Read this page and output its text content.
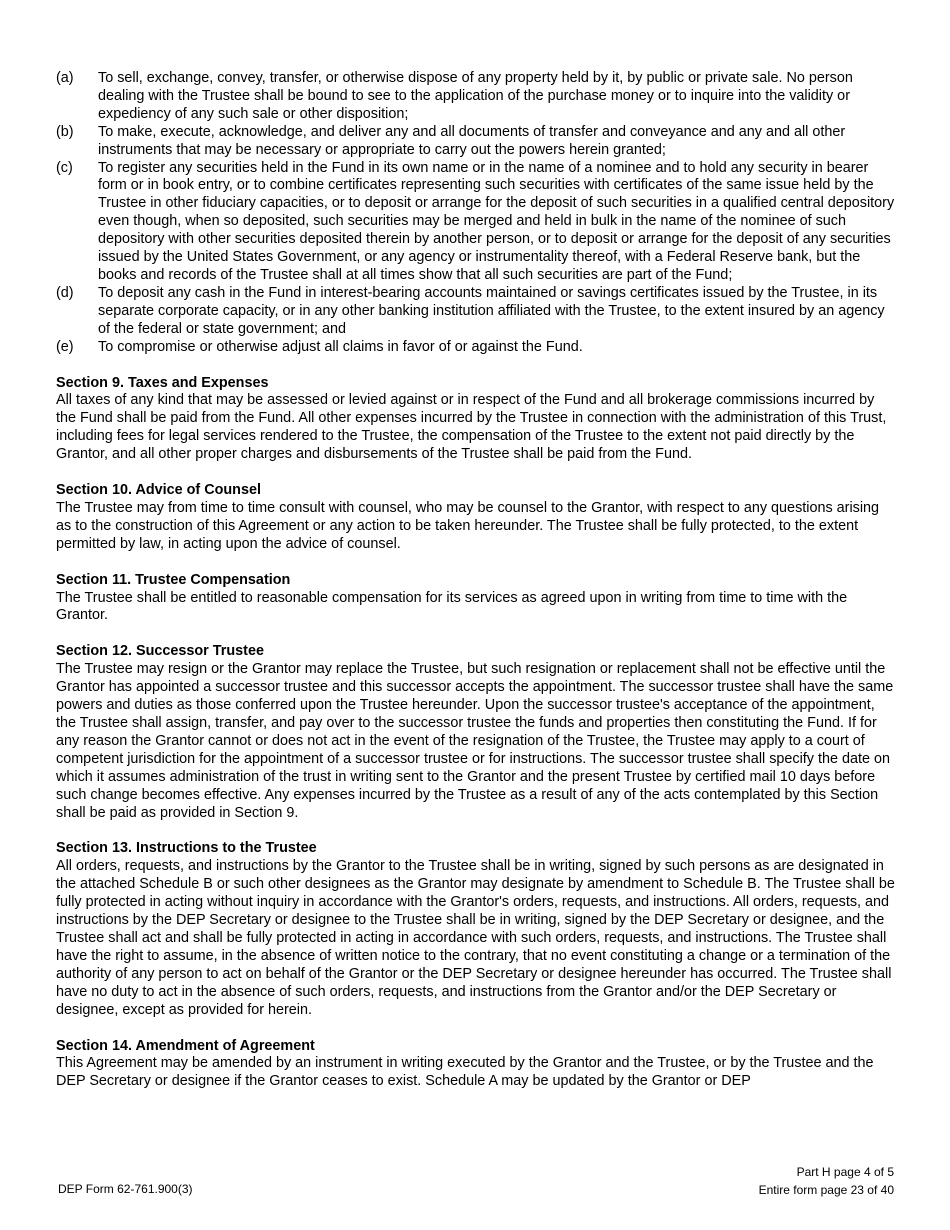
(a) To sell, exchange, convey, transfer, or otherwise dispose of any property held by it, by public or private sale. No person dealing with the Trustee shall be bound to see to the application of the purchase money or to inquire into the validity or expediency of any such sale or other disposition;
(b) To make, execute, acknowledge, and deliver any and all documents of transfer and conveyance and any and all other instruments that may be necessary or appropriate to carry out the powers herein granted;
(c) To register any securities held in the Fund in its own name or in the name of a nominee and to hold any security in bearer form or in book entry, or to combine certificates representing such securities with certificates of the same issue held by the Trustee in other fiduciary capacities, or to deposit or arrange for the deposit of such securities in a qualified central depository even though, when so deposited, such securities may be merged and held in bulk in the name of the nominee of such depository with other securities deposited therein by another person, or to deposit or arrange for the deposit of any securities issued by the United States Government, or any agency or instrumentality thereof, with a Federal Reserve bank, but the books and records of the Trustee shall at all times show that all such securities are part of the Fund;
(d) To deposit any cash in the Fund in interest-bearing accounts maintained or savings certificates issued by the Trustee, in its separate corporate capacity, or in any other banking institution affiliated with the Trustee, to the extent insured by an agency of the federal or state government; and
(e) To compromise or otherwise adjust all claims in favor of or against the Fund.
Section 9. Taxes and Expenses
All taxes of any kind that may be assessed or levied against or in respect of the Fund and all brokerage commissions incurred by the Fund shall be paid from the Fund. All other expenses incurred by the Trustee in connection with the administration of this Trust, including fees for legal services rendered to the Trustee, the compensation of the Trustee to the extent not paid directly by the Grantor, and all other proper charges and disbursements of the Trustee shall be paid from the Fund.
Section 10. Advice of Counsel
The Trustee may from time to time consult with counsel, who may be counsel to the Grantor, with respect to any questions arising as to the construction of this Agreement or any action to be taken hereunder. The Trustee shall be fully protected, to the extent permitted by law, in acting upon the advice of counsel.
Section 11. Trustee Compensation
The Trustee shall be entitled to reasonable compensation for its services as agreed upon in writing from time to time with the Grantor.
Section 12. Successor Trustee
The Trustee may resign or the Grantor may replace the Trustee, but such resignation or replacement shall not be effective until the Grantor has appointed a successor trustee and this successor accepts the appointment. The successor trustee shall have the same powers and duties as those conferred upon the Trustee hereunder. Upon the successor trustee's acceptance of the appointment, the Trustee shall assign, transfer, and pay over to the successor trustee the funds and properties then constituting the Fund. If for any reason the Grantor cannot or does not act in the event of the resignation of the Trustee, the Trustee may apply to a court of competent jurisdiction for the appointment of a successor trustee or for instructions. The successor trustee shall specify the date on which it assumes administration of the trust in writing sent to the Grantor and the present Trustee by certified mail 10 days before such change becomes effective. Any expenses incurred by the Trustee as a result of any of the acts contemplated by this Section shall be paid as provided in Section 9.
Section 13. Instructions to the Trustee
All orders, requests, and instructions by the Grantor to the Trustee shall be in writing, signed by such persons as are designated in the attached Schedule B or such other designees as the Grantor may designate by amendment to Schedule B. The Trustee shall be fully protected in acting without inquiry in accordance with the Grantor's orders, requests, and instructions. All orders, requests, and instructions by the DEP Secretary or designee to the Trustee shall be in writing, signed by the DEP Secretary or designee, and the Trustee shall act and shall be fully protected in acting in accordance with such orders, requests, and instructions. The Trustee shall have the right to assume, in the absence of written notice to the contrary, that no event constituting a change or a termination of the authority of any person to act on behalf of the Grantor or the DEP Secretary or designee hereunder has occurred. The Trustee shall have no duty to act in the absence of such orders, requests, and instructions from the Grantor and/or the DEP Secretary or designee, except as provided for herein.
Section 14. Amendment of Agreement
This Agreement may be amended by an instrument in writing executed by the Grantor and the Trustee, or by the Trustee and the DEP Secretary or designee if the Grantor ceases to exist. Schedule A may be updated by the Grantor or DEP
DEP Form 62-761.900(3)
Part H page 4 of 5
Entire form page 23 of 40
